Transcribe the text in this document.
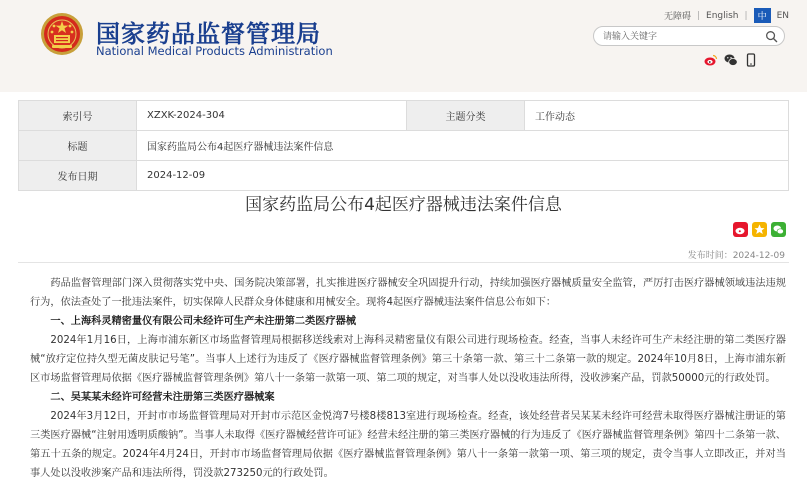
国家药品监督管理局
National Medical Products Administration
无障碍 | English |	中	EN
请输入关键字
索引号	XZXK-2024-304	主题分类	工作动态
标题	国家药监局公布4起医疗器械违法案件信息		
发布日期	2024-12-09		
国家药监局公布4起医疗器械违法案件信息
发布时间：2024-12-09

药品监督管理部门深入贯彻落实党中央、国务院决策部署，扎实推进医疗器械安全巩固提升行动，持续加强医疗器械质量安全监管，严厉打击医疗器械领域违法违规行为，依法查处了一批违法案件，切实保障人民群众身体健康和用械安全。现将4起医疗器械违法案件信息公布如下：

一、上海科灵精密量仪有限公司未经许可生产未注册第二类医疗器械

2024年1月16日，上海市浦东新区市场监督管理局根据移送线索对上海科灵精密量仪有限公司进行现场检查。经查，当事人未经许可生产未经注册的第二类医疗器械“放疗定位持久型无菌皮肤记号笔”。当事人上述行为违反了《医疗器械监督管理条例》第三十条第一款、第三十二条第一款的规定。2024年10月8日，上海市浦东新区市场监督管理局依据《医疗器械监督管理条例》第八十一条第一款第一项、第二项的规定，对当事人处以没收违法所得，没收涉案产品，罚款50000元的行政处罚。

二、吴某某未经许可经营未注册第三类医疗器械案

2024年3月12日，开封市市场监督管理局对开封市示范区金悦湾7号楼8楼813室进行现场检查。经查，该处经营者吴某某未经许可经营未取得医疗器械注册证的第三类医疗器械“注射用透明质酸钠”。当事人未取得《医疗器械经营许可证》经营未经注册的第三类医疗器械的行为违反了《医疗器械监督管理条例》第四十二条第一款、第五十五条的规定。2024年4月24日，开封市市场监督管理局依据《医疗器械监督管理条例》第八十一条第一款第一项、第三项的规定，责令当事人立即改正，并对当事人处以没收涉案产品和违法所得，罚没款273250元的行政处罚。
